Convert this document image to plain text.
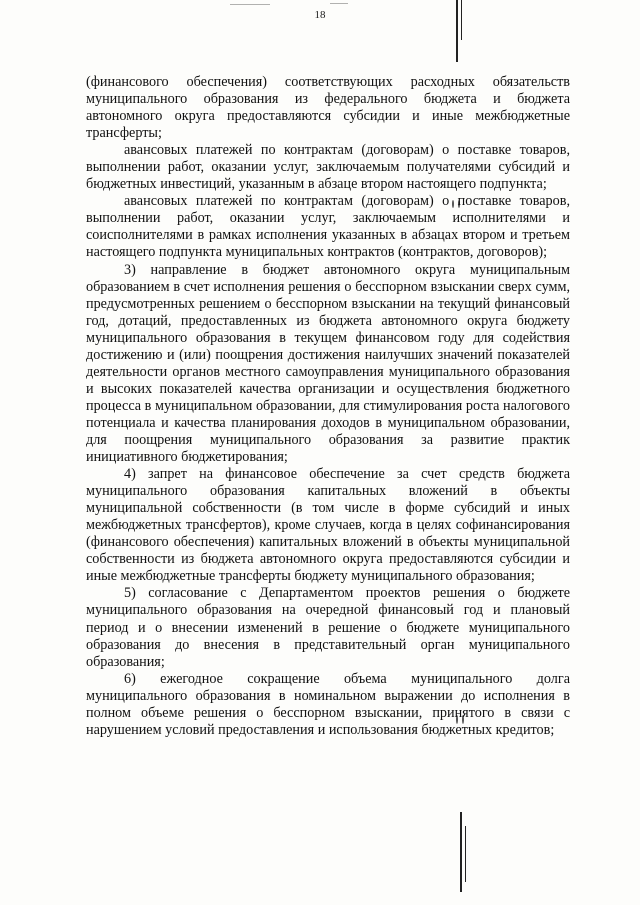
18

(финансового обеспечения) соответствующих расходных обязательств муниципального образования из федерального бюджета и бюджета автономного округа предоставляются субсидии и иные межбюджетные трансферты;

авансовых платежей по контрактам (договорам) о поставке товаров, выполнении работ, оказании услуг, заключаемым получателями субсидий и бюджетных инвестиций, указанным в абзаце втором настоящего подпункта;

авансовых платежей по контрактам (договорам) о поставке товаров, выполнении работ, оказании услуг, заключаемым исполнителями и соисполнителями в рамках исполнения указанных в абзацах втором и третьем настоящего подпункта муниципальных контрактов (контрактов, договоров);

3) направление в бюджет автономного округа муниципальным образованием в счет исполнения решения о бесспорном взыскании сверх сумм, предусмотренных решением о бесспорном взыскании на текущий финансовый год, дотаций, предоставленных из бюджета автономного округа бюджету муниципального образования в текущем финансовом году для содействия достижению и (или) поощрения достижения наилучших значений показателей деятельности органов местного самоуправления муниципального образования и высоких показателей качества организации и осуществления бюджетного процесса в муниципальном образовании, для стимулирования роста налогового потенциала и качества планирования доходов в муниципальном образовании, для поощрения муниципального образования за развитие практик инициативного бюджетирования;

4) запрет на финансовое обеспечение за счет средств бюджета муниципального образования капитальных вложений в объекты муниципальной собственности (в том числе в форме субсидий и иных межбюджетных трансфертов), кроме случаев, когда в целях софинансирования (финансового обеспечения) капитальных вложений в объекты муниципальной собственности из бюджета автономного округа предоставляются субсидии и иные межбюджетные трансферты бюджету муниципального образования;

5) согласование с Департаментом проектов решения о бюджете муниципального образования на очередной финансовый год и плановый период и о внесении изменений в решение о бюджете муниципального образования до внесения в представительный орган муниципального образования;

6) ежегодное сокращение объема муниципального долга муниципального образования в номинальном выражении до исполнения в полном объеме решения о бесспорном взыскании, принятого в связи с нарушением условий предоставления и использования бюджетных кредитов;
